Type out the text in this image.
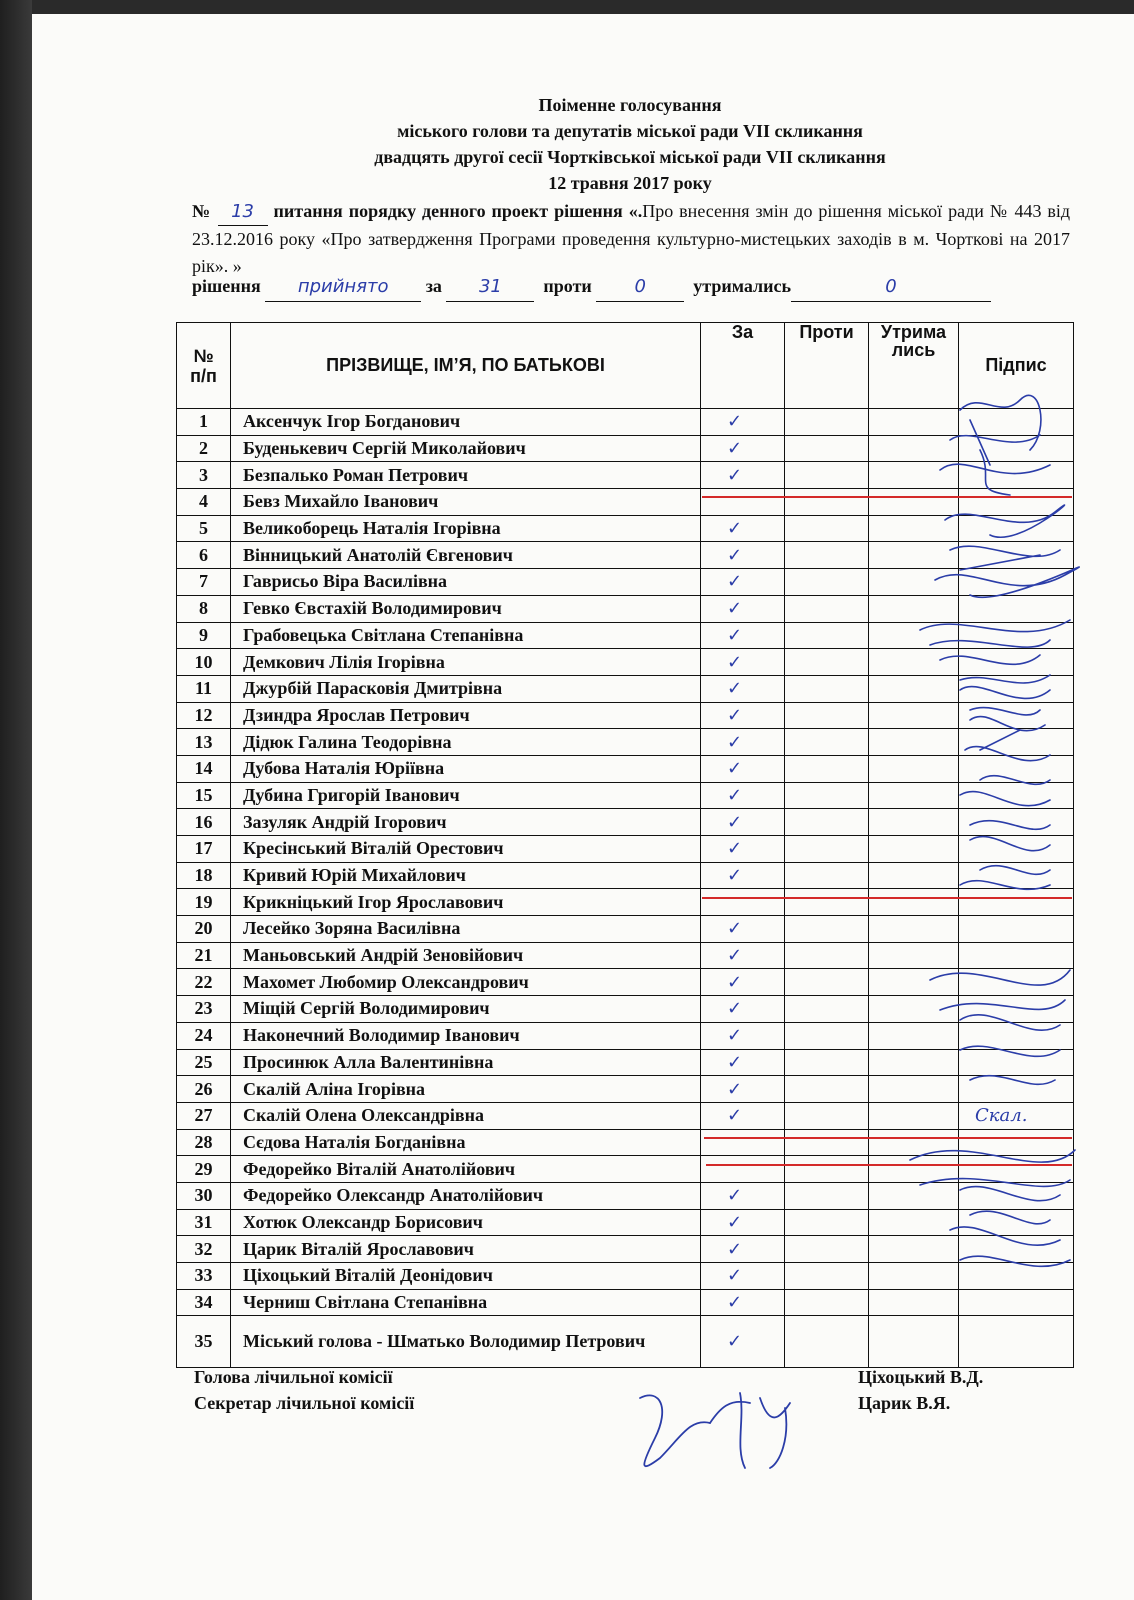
Поіменне голосування
міського голови та депутатів міської ради VII скликання
двадцять другої сесії Чортківської міської ради VII скликання
12 травня 2017 року
№ 13 питання порядку денного проект рішення «.Про внесення змін до рішення міської ради № 443 від 23.12.2016 року «Про затвердження Програми проведення культурно-мистецьких заходів в м. Чорткові на 2017 рік». »
рішення прийнято за 31 проти 0	утримались	0
№
п/п	ПРІЗВИЩЕ, ІМ’Я, ПО БАТЬКОВІ	За	Проти	Утрима
лись	Підпис
1	Аксенчук Ігор Богданович	✓			
2	Буденькевич Сергій Миколайович	✓			
3	Безпалько Роман Петрович	✓			
4	Бевз Михайло Іванович				
5	Великоборець Наталія Ігорівна	✓			
6	Вінницький Анатолій Євгенович	✓			
7	Гаврисьо Віра Василівна	✓			
8	Гевко Євстахій Володимирович	✓			
9	Грабовецька Світлана Степанівна	✓			
10	Демкович Лілія Ігорівна	✓			
11	Джурбій Парасковія Дмитрівна	✓			
12	Дзиндра Ярослав Петрович	✓			
13	Дідюк Галина Теодорівна	✓			
14	Дубова Наталія Юріївна	✓			
15	Дубина Григорій Іванович	✓			
16	Зазуляк Андрій Ігорович	✓			
17	Кресінський Віталій Орестович	✓			
18	Кривий Юрій Михайлович	✓			
19	Крикніцький Ігор Ярославович				
20	Лесейко Зоряна Василівна	✓			
21	Маньовський Андрій Зеновійович	✓			
22	Махомет Любомир Олександрович	✓			
23	Міщій Сергій Володимирович	✓			
24	Наконечний Володимир Іванович	✓			
25	Просинюк Алла Валентинівна	✓			
26	Скалій Аліна Ігорівна	✓			
27	Скалій Олена Олександрівна	✓			Скал.
28	Сєдова Наталія Богданівна				
29	Федорейко Віталій Анатолійович				
30	Федорейко Олександр Анатолійович	✓			
31	Хотюк Олександр Борисович	✓			
32	Царик Віталій Ярославович	✓			
33	Ціхоцький Віталій Деонідович	✓			
34	Черниш Світлана Степанівна	✓			
35	Міський голова - Шматько Володимир Петрович	✓			
Голова лічильної комісії	Ціхоцький В.Д.
Секретар лічильної комісії	Царик В.Я.
